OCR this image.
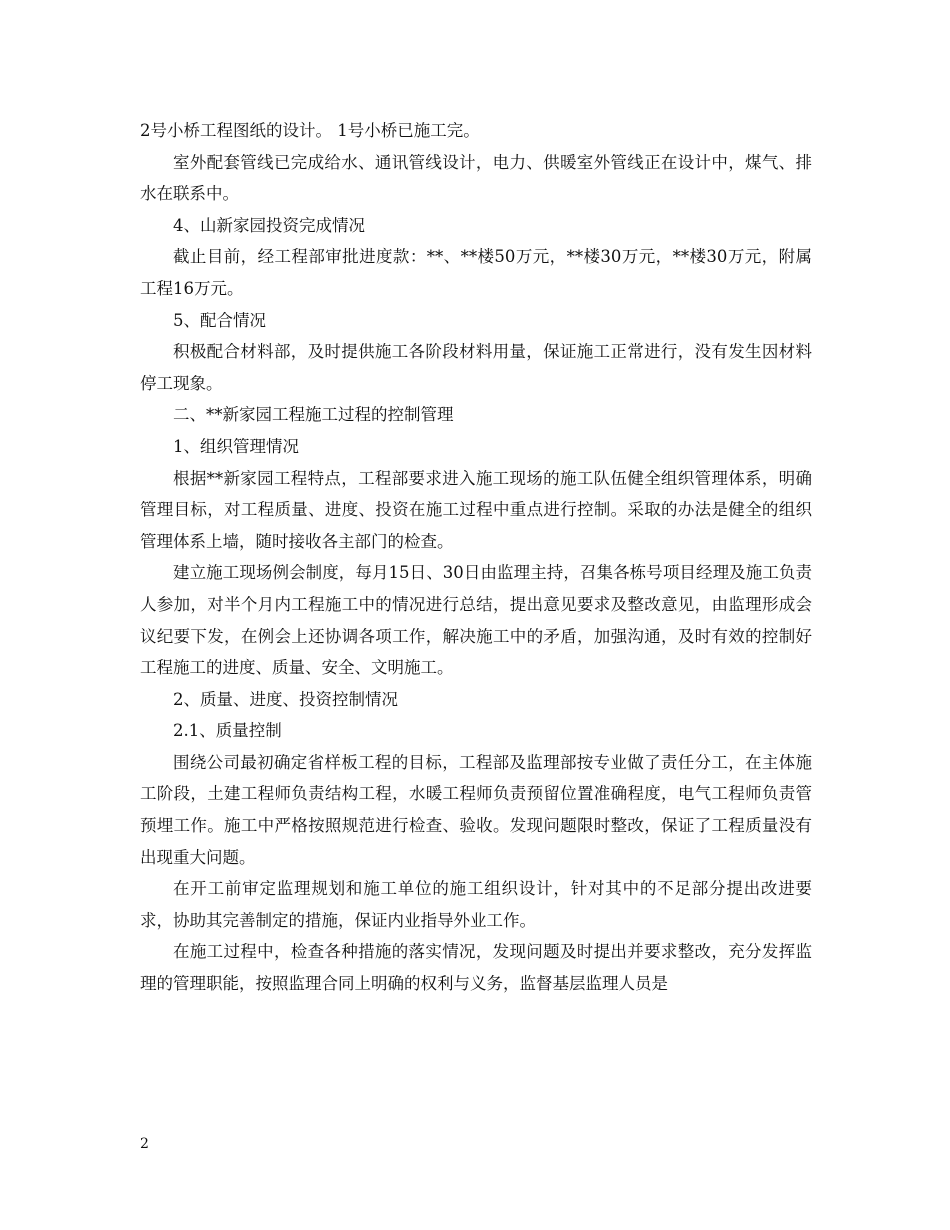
2号小桥工程图纸的设计。 1号小桥已施工完。

室外配套管线已完成给水、通讯管线设计，电力、供暖室外管线正在设计中，煤气、排水在联系中。

4、山新家园投资完成情况

截止目前，经工程部审批进度款：**、**楼50万元，**楼30万元，**楼30万元，附属工程16万元。

5、配合情况

积极配合材料部，及时提供施工各阶段材料用量，保证施工正常进行，没有发生因材料停工现象。

二、**新家园工程施工过程的控制管理

1、组织管理情况

根据**新家园工程特点，工程部要求进入施工现场的施工队伍健全组织管理体系，明确管理目标，对工程质量、进度、投资在施工过程中重点进行控制。采取的办法是健全的组织管理体系上墙，随时接收各主部门的检查。

建立施工现场例会制度，每月15日、30日由监理主持，召集各栋号项目经理及施工负责人参加，对半个月内工程施工中的情况进行总结，提出意见要求及整改意见，由监理形成会议纪要下发，在例会上还协调各项工作，解决施工中的矛盾，加强沟通，及时有效的控制好工程施工的进度、质量、安全、文明施工。

2、质量、进度、投资控制情况

2.1、质量控制

围绕公司最初确定省样板工程的目标，工程部及监理部按专业做了责任分工，在主体施工阶段，土建工程师负责结构工程，水暖工程师负责预留位置准确程度，电气工程师负责管预埋工作。施工中严格按照规范进行检查、验收。发现问题限时整改，保证了工程质量没有出现重大问题。

在开工前审定监理规划和施工单位的施工组织设计，针对其中的不足部分提出改进要求，协助其完善制定的措施，保证内业指导外业工作。

在施工过程中，检查各种措施的落实情况，发现问题及时提出并要求整改，充分发挥监理的管理职能，按照监理合同上明确的权利与义务，监督基层监理人员是

2
